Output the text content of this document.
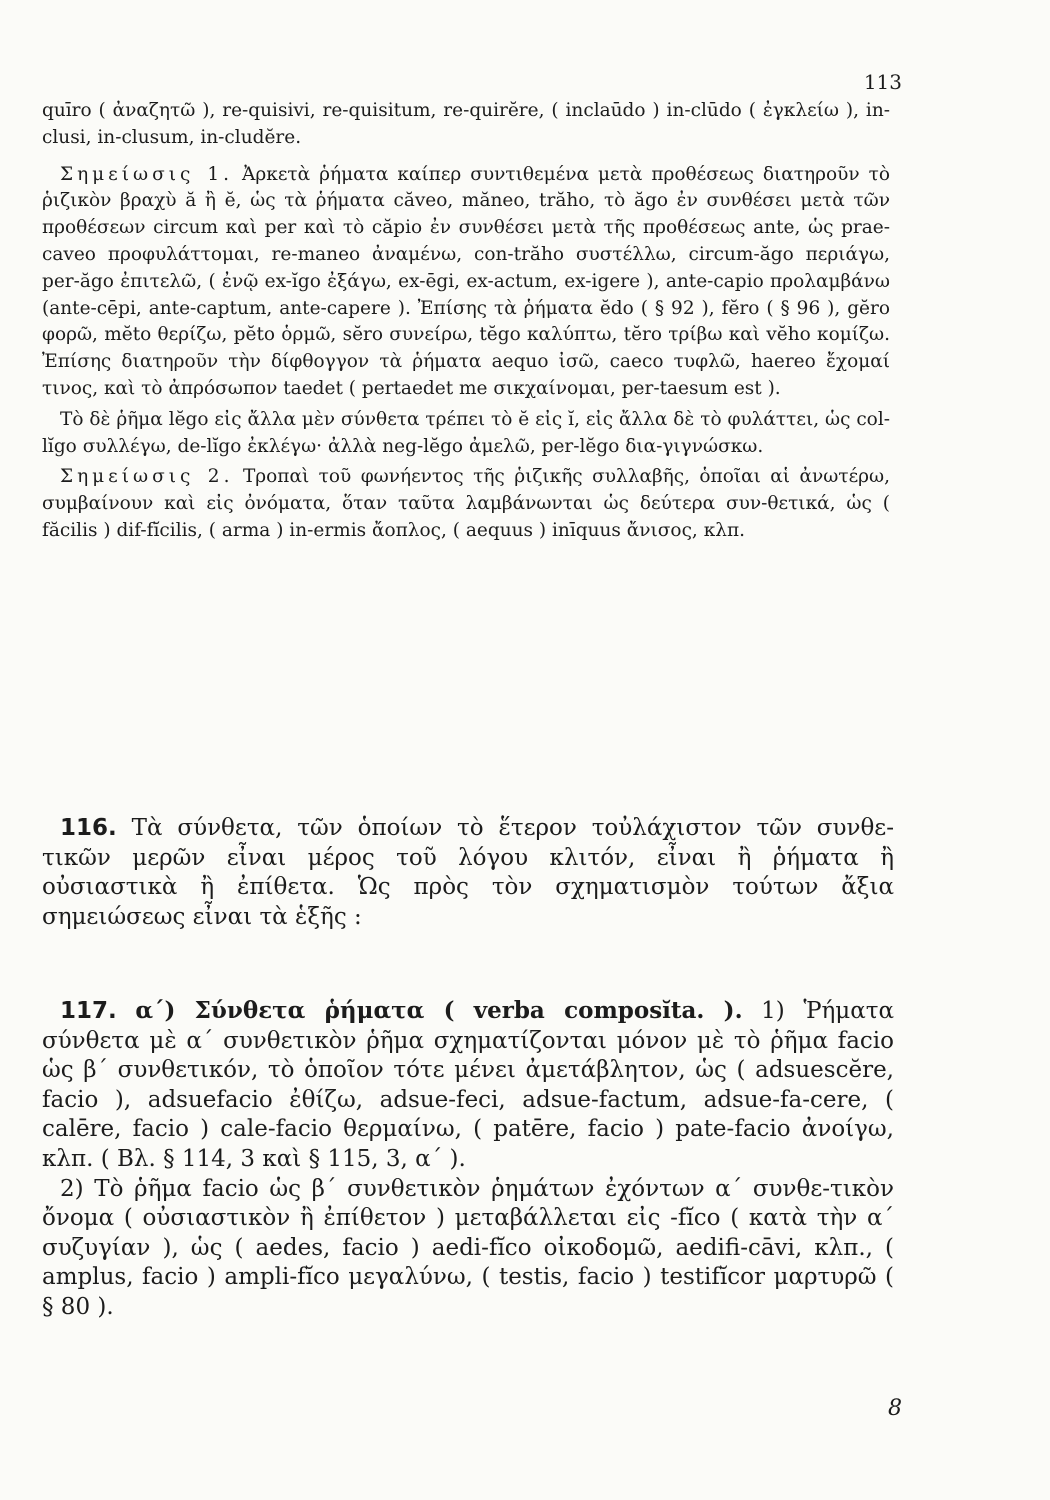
113

quīro ( ἀναζητῶ ), re-quisivi, re-quisitum, re-quirĕre, ( inclaūdo ) in-clūdo ( ἐγκλείω ), in-clusi, in-clusum, in-cludĕre.

Σημείωσις 1. Ἀρκετὰ ῥήματα καίπερ συντιθεμένα μετὰ προθέσεως διατηροῦν τὸ ῥιζικὸν βραχὺ ă ἢ ĕ, ὡς τὰ ῥήματα căveo, măneo, trăho, τὸ ăgo ἐν συνθέσει μετὰ τῶν προθέσεων circum καὶ per καὶ τὸ căpio ἐν συνθέσει μετὰ τῆς προθέσεως ante, ὡς prae-caveo προφυλάττομαι, re-maneo ἀναμένω, con-trăho συστέλλω, circum-ăgo περιάγω, per-ăgo ἐπιτελῶ, ( ἐνῷ ex-ĭgo ἐξάγω, ex-ēgi, ex-actum, ex-igere ), ante-capio προλαμβάνω (ante-cēpi, ante-captum, ante-capere ). Ἐπίσης τὰ ῥήματα ĕdo ( § 92 ), fĕro ( § 96 ), gĕro φορῶ, mĕto θερίζω, pĕto ὁρμῶ, sĕro συνείρω, tĕgo καλύπτω, tĕro τρίβω καὶ vĕho κομίζω. Ἐπίσης διατηροῦν τὴν δίφθογγον τὰ ῥήματα aequo ἰσῶ, caeco τυφλῶ, haereo ἔχομαί τινος, καὶ τὸ ἀπρόσωπον taedet ( pertaedet me σικχαίνομαι, per-taesum est ).

Τὸ δὲ ῥῆμα lĕgo εἰς ἄλλα μὲν σύνθετα τρέπει τὸ ĕ εἰς ĭ, εἰς ἄλλα δὲ τὸ φυλάττει, ὡς col-lĭgo συλλέγω, de-lĭgo ἐκλέγω· ἀλλὰ neg-lĕgo ἀμελῶ, per-lĕgo δια-γιγνώσκω.

Σημείωσις 2. Τροπαὶ τοῦ φωνήεντος τῆς ῥιζικῆς συλλαβῆς, ὁποῖαι αἱ ἀνωτέρω, συμβαίνουν καὶ εἰς ὀνόματα, ὅταν ταῦτα λαμβάνωνται ὡς δεύτερα συν-θετικά, ὡς ( făcilis ) dif-fĭcilis, ( arma ) in-ermis ἄοπλος, ( aequus ) inīquus ἄνισος, κλπ.

116. Τὰ σύνθετα, τῶν ὁποίων τὸ ἕτερον τοὐλάχιστον τῶν συνθε-τικῶν μερῶν εἶναι μέρος τοῦ λόγου κλιτόν, εἶναι ἢ ῥήματα ἢ οὐσιαστικὰ ἢ ἐπίθετα. Ὡς πρὸς τὸν σχηματισμὸν τούτων ἄξια σημειώσεως εἶναι τὰ ἑξῆς :

117. α΄) Σύνθετα ῥήματα ( verba composĭta. ). 1) Ῥήματα σύνθετα μὲ α΄ συνθετικὸν ῥῆμα σχηματίζονται μόνον μὲ τὸ ῥῆμα facio ὡς β΄ συνθετικόν, τὸ ὁποῖον τότε μένει ἀμετάβλητον, ὡς ( adsuescĕre, facio ), adsuefacio ἐθίζω, adsue-feci, adsue-factum, adsue-fa-cere, ( calēre, facio ) cale-facio θερμαίνω, ( patēre, facio ) pate-facio ἀνοίγω, κλπ. ( Βλ. § 114, 3 καὶ § 115, 3, α΄ ).

2) Τὸ ῥῆμα facio ὡς β΄ συνθετικὸν ῥημάτων ἐχόντων α΄ συνθε-τικὸν ὄνομα ( οὐσιαστικὸν ἢ ἐπίθετον ) μεταβάλλεται εἰς -fĭco ( κατὰ τὴν α΄ συζυγίαν ), ὡς ( aedes, facio ) aedi-fĭco οἰκοδομῶ, aedifi-cāvi, κλπ., ( amplus, facio ) ampli-fĭco μεγαλύνω, ( testis, facio ) testifĭcor μαρτυρῶ ( § 80 ).

8
